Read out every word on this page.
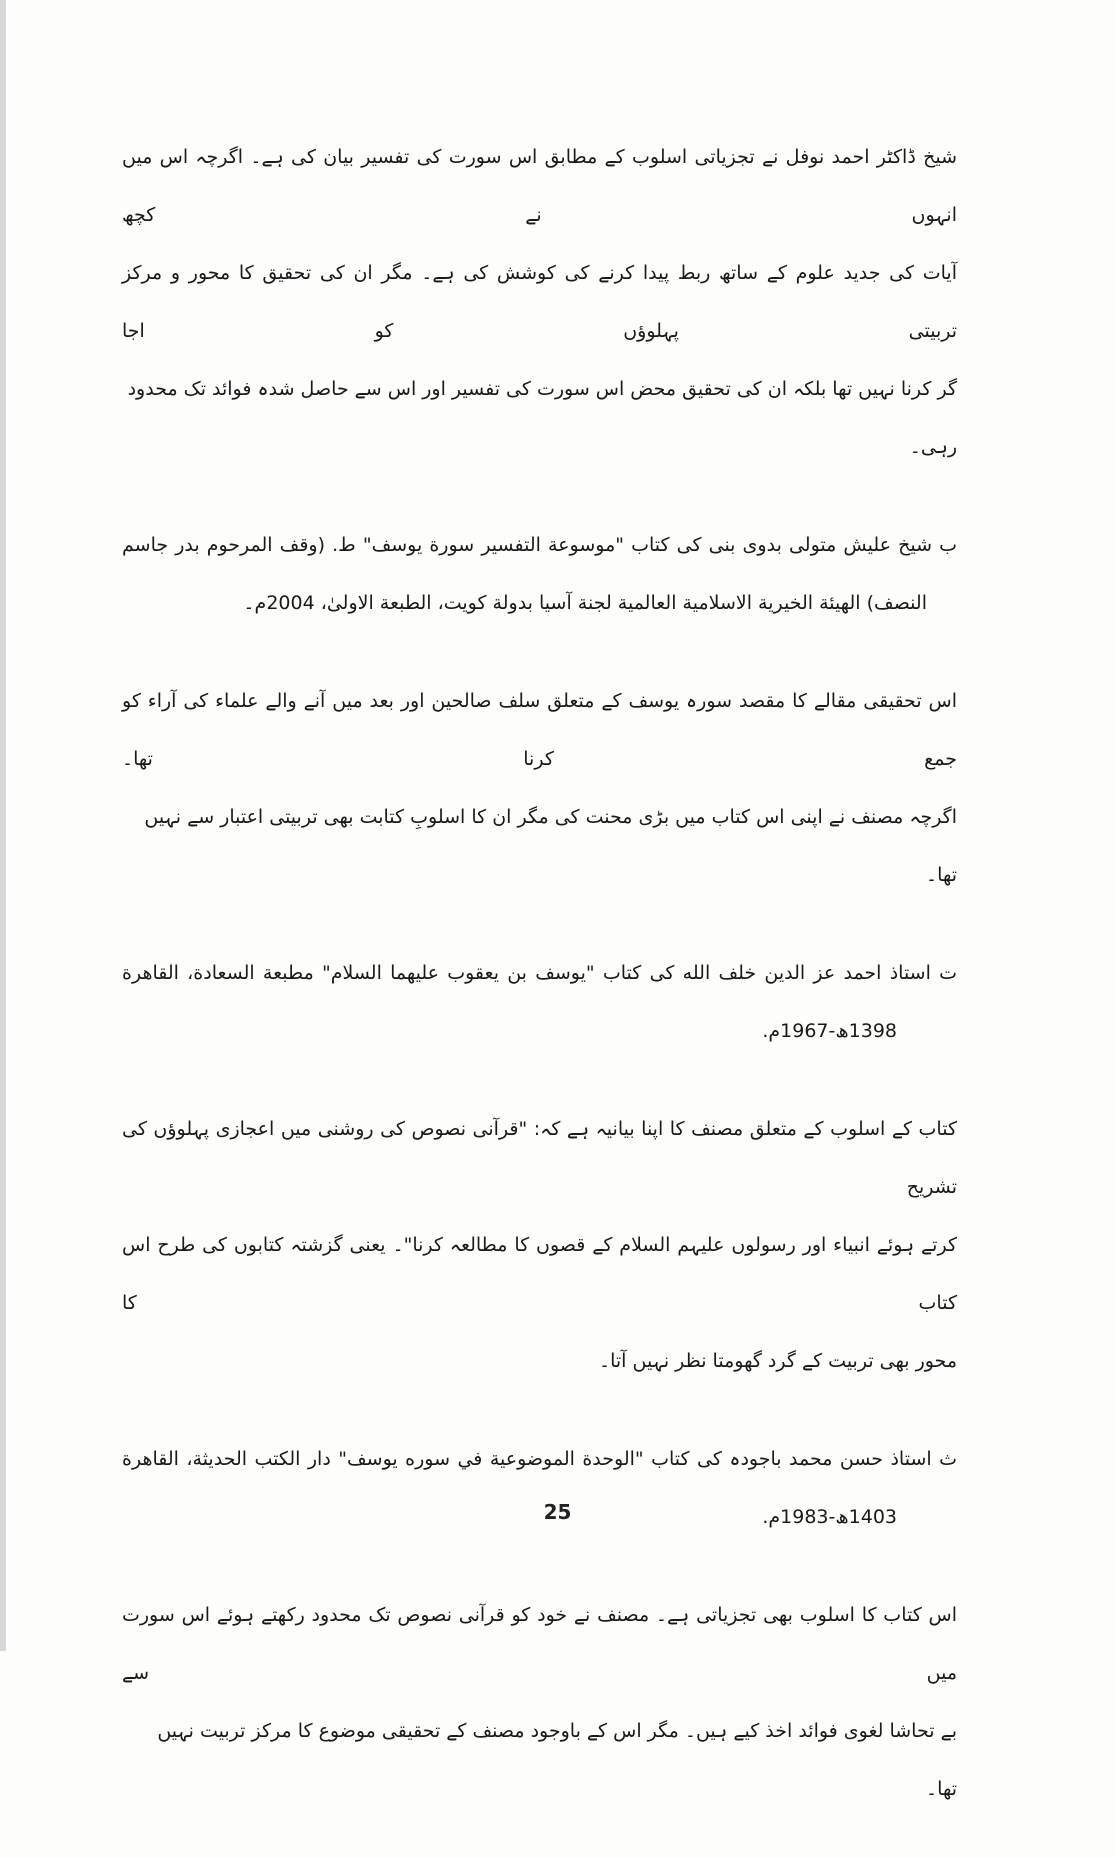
شیخ ڈاکٹر احمد نوفل نے تجزیاتی اسلوب کے مطابق اس سورت کی تفسیر بیان کی ہے۔ اگرچہ اس میں انہوں نے کچھ
آیات کی جدید علوم کے ساتھ ربط پیدا کرنے کی کوشش کی ہے۔ مگر ان کی تحقیق کا محور و مرکز تربیتی پہلوؤں کو اجا
گر کرنا نہیں تھا بلکہ ان کی تحقیق محض اس سورت کی تفسیر اور اس سے حاصل شدہ فوائد تک محدود رہی۔
ب شیخ علیش متولی بدوی بنی کی کتاب "موسوعة التفسير سورة يوسف" ط. (وقف المرحوم بدر جاسم
النصف) الهيئة الخيرية الاسلامية العالمية لجنة آسيا بدولة كويت، الطبعة الاولىٰ، 2004م۔
اس تحقیقی مقالے کا مقصد سورہ یوسف کے متعلق سلف صالحین اور بعد میں آنے والے علماء کی آراء کو جمع کرنا تھا۔
اگرچہ مصنف نے اپنی اس کتاب میں بڑی محنت کی مگر ان کا اسلوبِ کتابت بھی تربیتی اعتبار سے نہیں تھا۔
ت استاذ احمد عز الدين خلف الله کی کتاب "يوسف بن يعقوب عليهما السلام" مطبعة السعادة، القاهرة
1398ھ-1967م.
کتاب کے اسلوب کے متعلق مصنف کا اپنا بیانیہ ہے کہ: "قرآنی نصوص کی روشنی میں اعجازی پہلوؤں کی تشریح
کرتے ہوئے انبیاء اور رسولوں علیہم السلام کے قصوں کا مطالعہ کرنا"۔ یعنی گزشتہ کتابوں کی طرح اس کتاب کا
محور بھی تربیت کے گرد گھومتا نظر نہیں آتا۔
ث استاذ حسن محمد باجودہ کی کتاب "الوحدة الموضوعية في سوره يوسف" دار الكتب الحديثة، القاهرة
1403ھ-1983م.
اس کتاب کا اسلوب بھی تجزیاتی ہے۔ مصنف نے خود کو قرآنی نصوص تک محدود رکھتے ہوئے اس سورت میں سے
بے تحاشا لغوی فوائد اخذ کیے ہیں۔ مگر اس کے باوجود مصنف کے تحقیقی موضوع کا مرکز تربیت نہیں تھا۔
25
